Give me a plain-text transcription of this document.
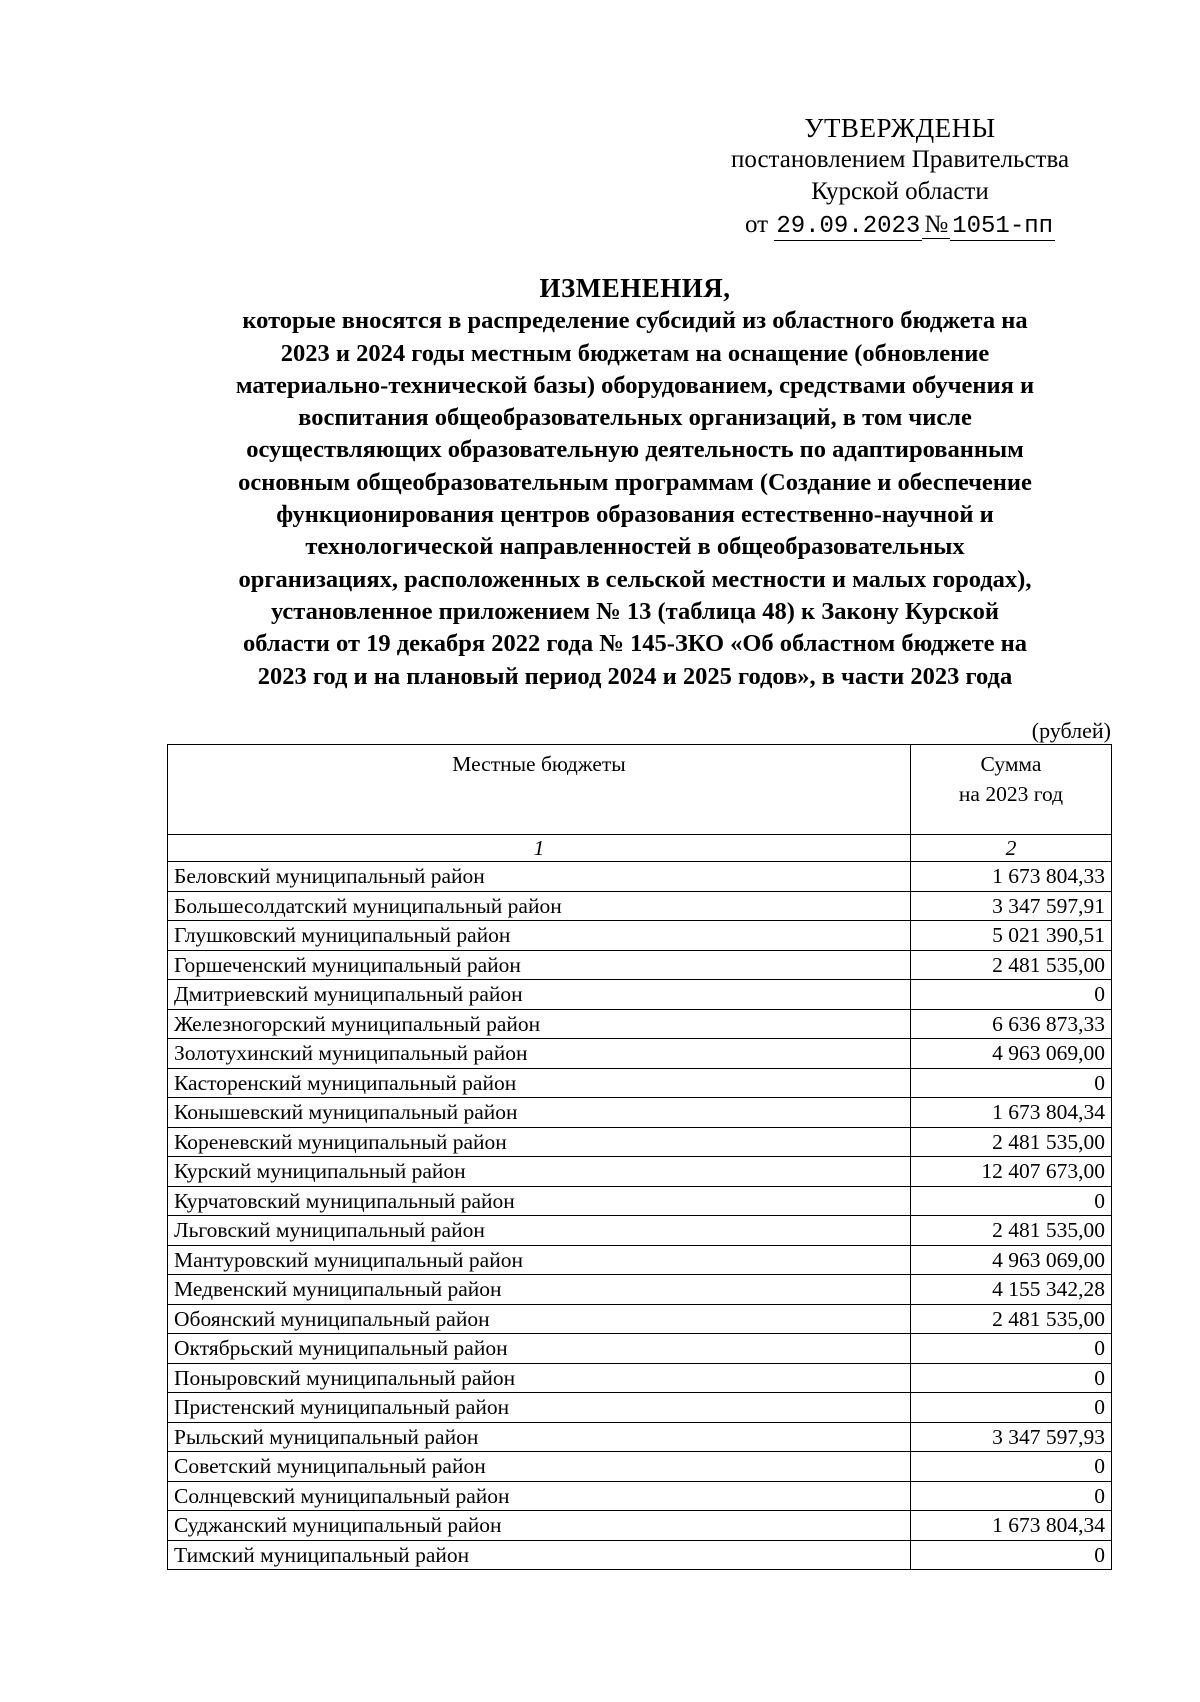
УТВЕРЖДЕНЫ
постановлением Правительства
Курской области
от 29.09.2023 № 1051-пп
ИЗМЕНЕНИЯ,
которые вносятся в распределение субсидий из областного бюджета на
2023 и 2024 годы местным бюджетам на оснащение (обновление
материально-технической базы) оборудованием, средствами обучения и
воспитания общеобразовательных организаций, в том числе
осуществляющих образовательную деятельность по адаптированным
основным общеобразовательным программам (Создание и обеспечение
функционирования центров образования естественно-научной и
технологической направленностей в общеобразовательных
организациях, расположенных в сельской местности и малых городах),
установленное приложением № 13 (таблица 48) к Закону Курской
области от 19 декабря 2022 года № 145-ЗКО «Об областном бюджете на
2023 год и на плановый период 2024 и 2025 годов», в части 2023 года
(рублей)
Местные бюджеты	Сумма
на 2023 год

1	2
Беловский муниципальный район	1 673 804,33
Большесолдатский муниципальный район	3 347 597,91
Глушковский муниципальный район	5 021 390,51
Горшеченский муниципальный район	2 481 535,00
Дмитриевский муниципальный район	0
Железногорский муниципальный район	6 636 873,33
Золотухинский муниципальный район	4 963 069,00
Касторенский муниципальный район	0
Конышевский муниципальный район	1 673 804,34
Кореневский муниципальный район	2 481 535,00
Курский муниципальный район	12 407 673,00
Курчатовский муниципальный район	0
Льговский муниципальный район	2 481 535,00
Мантуровский муниципальный район	4 963 069,00
Медвенский муниципальный район	4 155 342,28
Обоянский муниципальный район	2 481 535,00
Октябрьский муниципальный район	0
Поныровский муниципальный район	0
Пристенский муниципальный район	0
Рыльский муниципальный район	3 347 597,93
Советский муниципальный район	0
Солнцевский муниципальный район	0
Суджанский муниципальный район	1 673 804,34
Тимский муниципальный район	0
